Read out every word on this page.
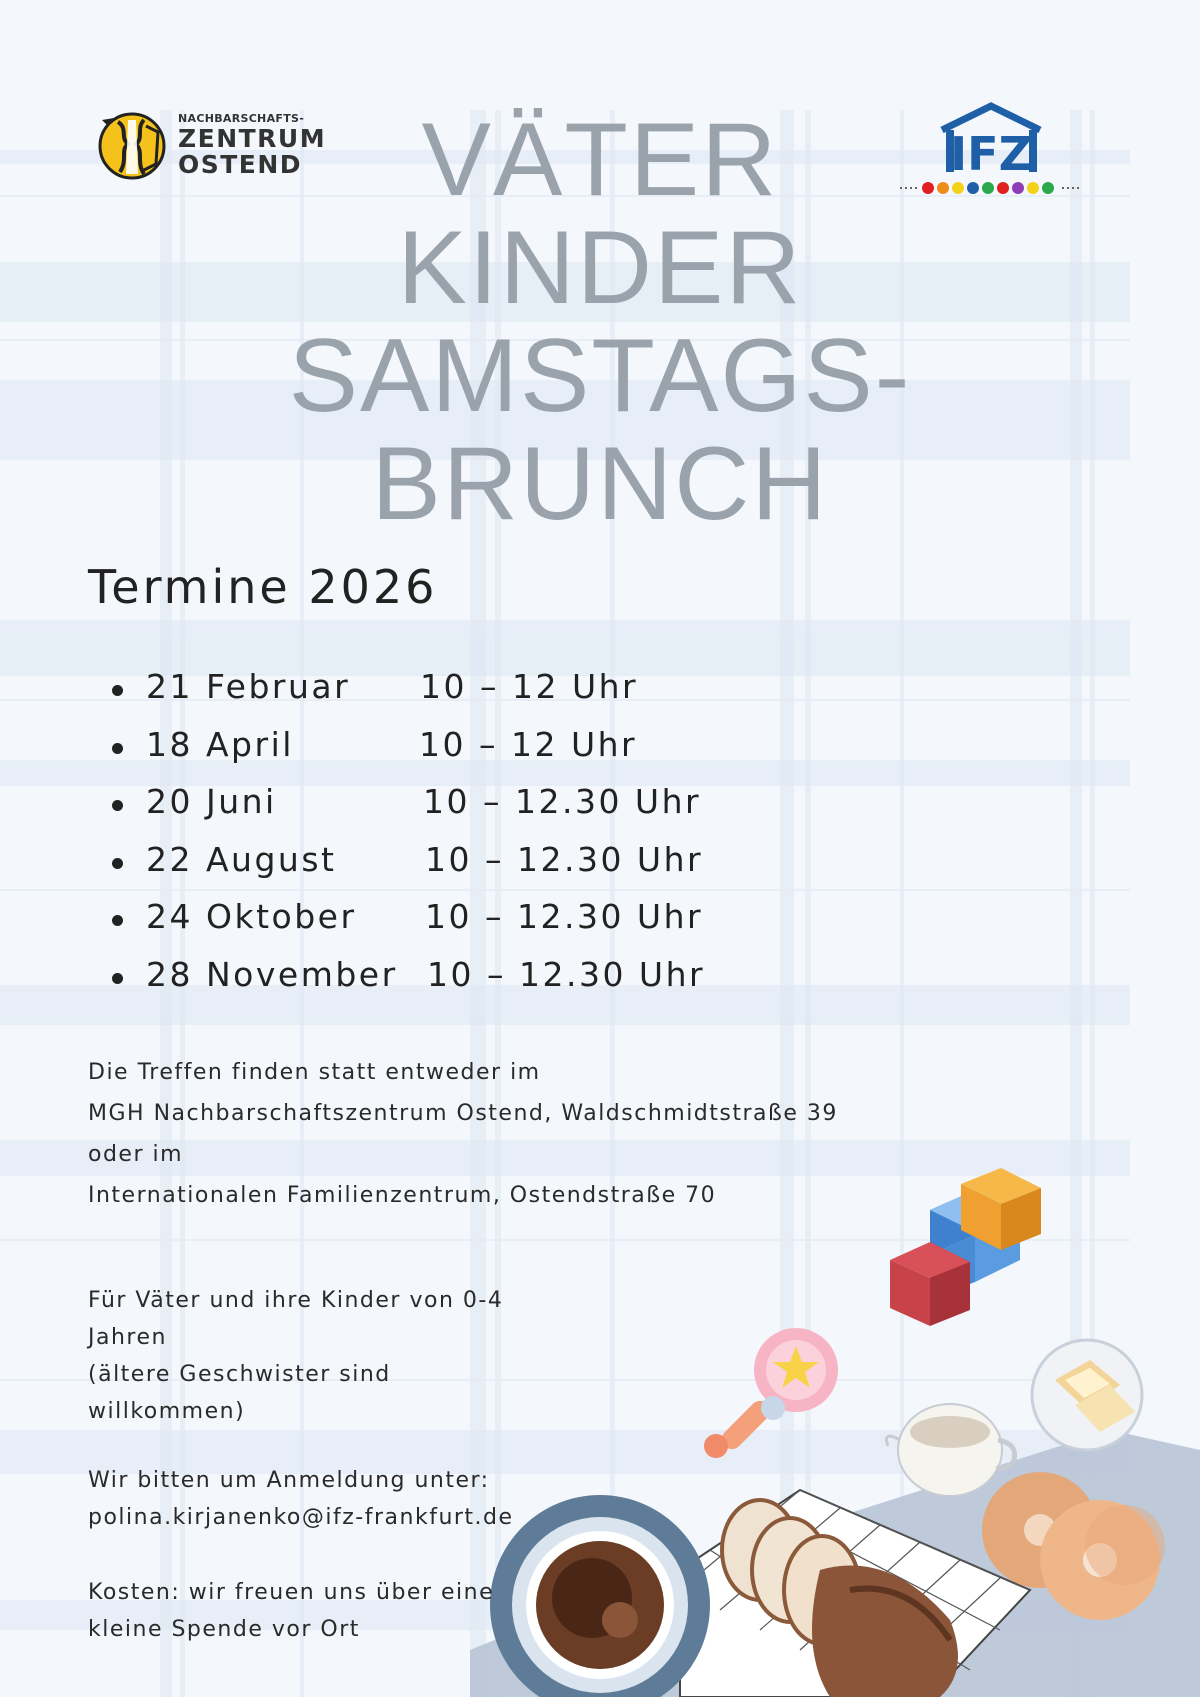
NACHBARSCHAFTS-
ZENTRUM
OSTEND	IFZ
VÄTER
KINDER
SAMSTAGS-
BRUNCH
Termine 2026
21 Februar 10 – 12 Uhr
18 April	10 – 12 Uhr
20 Juni	10 – 12.30 Uhr
22 August	10 – 12.30 Uhr
24 Oktober 10 – 12.30 Uhr
28 November 10 – 12.30 Uhr
Die Treffen finden statt entweder im
MGH Nachbarschaftszentrum Ostend, Waldschmidtstraße 39
oder im
Internationalen Familienzentrum, Ostendstraße 70
Für Väter und ihre Kinder von 0-4
Jahren
(ältere Geschwister sind
willkommen)
Wir bitten um Anmeldung unter:
polina.kirjanenko@ifz-frankfurt.de
Kosten: wir freuen uns über eine
kleine Spende vor Ort
